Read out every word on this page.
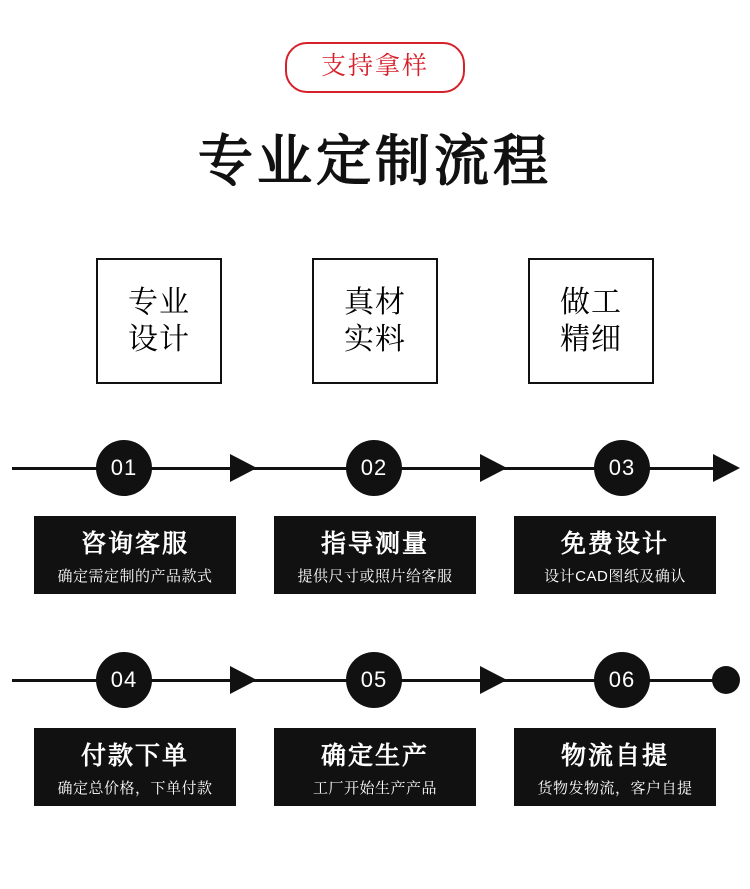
支持拿样
专业定制流程
专业
设计
真材
实料
做工
精细
01	02	03
咨询客服
确定需定制的产品款式
指导测量
提供尺寸或照片给客服
免费设计
设计CAD图纸及确认
04	05	06
付款下单
确定总价格，下单付款
确定生产
工厂开始生产产品
物流自提
货物发物流，客户自提
